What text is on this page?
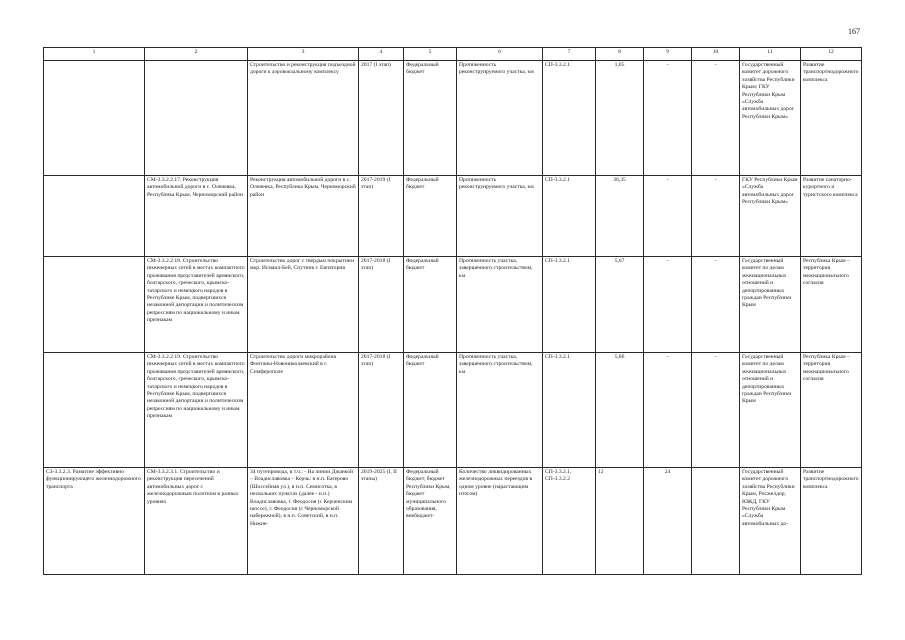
167
1	2	3	4	5	6	7	8	9	10	11	12
		Строительство и реконструкция подъездной дороги к аэровокзальному комплексу	2017 (I этап)	Федеральный бюджет	Протяженность реконструируемого участка, км	СП-3.3.2.1	1,05	-	-	Государственный комитет дорожного хозяйства Республики Крым; ГКУ Республики Крым «Служба автомобильных дорог Республики Крым»	Развитие транспортнодорожного комплекса
	СМ-3.3.2.2.17. Реконструкция автомобильной дороги в с. Оленевка, Республика Крым, Черноморский район	Реконструкция автомобильной дороги в с. Оленевка, Республика Крым, Черноморский район	2017-2019 (I этап)	Федеральный бюджет	Протяженность реконструируемого участка, км	СП-3.3.2.1	36,35	-	-	ГКУ Республики Крым «Служба автомобильных дорог Республики Крым»	Развитие санаторно-курортного и туристского комплекса
	СМ-3.3.2.2.18. Строительство инженерных сетей в местах компактного проживания представителей армянского, болгарского, греческого, крымско-татарского и немецкого народов в Республике Крым, подвергшихся незаконной депортации и политическим репрессиям по национальному и иным признакам	Строительство дорог с твердым покрытием мкр. Исмаил-Бей, Спутник г. Евпатория	2017-2018 (I этап)	Федеральный бюджет	Протяженность участка, завершенного строительством, км	СП-3.3.2.1	5,67	-	-	Государственный комитет по делам межнациональных отношений и депортированных граждан Республики Крым	Республика Крым – территория межнационального согласия
	СМ-3.3.2.2.19. Строительство инженерных сетей в местах компактного проживания представителей армянского, болгарского, греческого, крымско-татарского и немецкого народов в Республике Крым, подвергшихся незаконной депортации и политическим репрессиям по национальному и иным признакам	Строительство дороги микрорайона Фонтаны-Новониколаевский в г. Симферополе	2017-2018 (I этап)	Федеральный бюджет	Протяженность участка, завершенного строительством, км	СП-3.3.2.1	5,06	-	-	Государственный комитет по делам межнациональных отношений и депортированных граждан Республики Крым	Республика Крым – территория межнационального согласия
СЗ-3.3.2.3. Развитие эффективно функционирующего железнодорожного транспорта	СМ-3.3.2.3.1. Строительство и реконструкция пересечений автомобильных дорог с железнодорожным полотном в разных уровнях	34 путепровода, в т.ч.: - На линии Джанкой – Владиславовка – Керчь: в н.п. Багерово (Шоссейная ул.), в н.п. Семисотка, в нескольких пунктах (далее - н.п.) Владиславовка, г. Феодосия (с Керченским шоссе), г. Феодосия (с Черноморской набережной), в н.п. Советский, в н.п. Нижне-	2019-2025 (I, II этапы)	Федеральный бюджет, бюджет Республики Крым, бюджет муниципального образования, внебюджет-	Количество ликвидированных железнодорожных переездов в одном уровне (нарастающим итогом)	СП-3.3.2.1, СП-3.3.2.2	12	24		Государственный комитет дорожного хозяйства Республики Крым, Росжелдор, ЮЖД, ГКУ Республики Крым «Служба автомобильных до-	Развитие транспортнодорожного комплекса
